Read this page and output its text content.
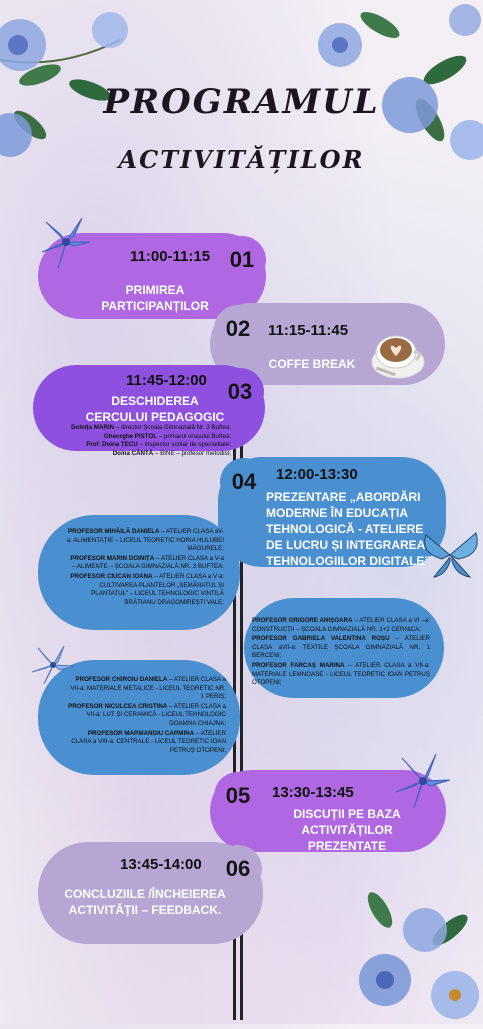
PROGRAMUL
ACTIVITĂȚILOR
01
11:00-11:15
PRIMIREA PARTICIPANȚILOR
02	11:15-11:45
COFFE BREAK
03
11:45-12:00
DESCHIDEREA CERCULUI PEDAGOGIC
Doinița MARIN – director Școala Gimnazială Nr. 3 Buftea;
Gheorghe PISTOL – primarul orașului Buftea;
Prof. Doina ȚECU – inspector școlar de specialitate;
Doina CÂNTĂ – BINE – profesor metodist;
04	12:00-13:30
PREZENTARE „ABORDĂRI MODERNE ÎN EDUCAȚIA TEHNOLOGICĂ - ATELIERE DE LUCRU ȘI INTEGRAREA TEHNOLOGIILOR DIGITALE”
PROFESOR MIHĂILĂ DANIELA – ATELIER CLASA aV-a: ALIMENTAȚIE – LICEUL TEORETIC HORIA HULUBEI MĂGURELE;
PROFESOR MARIN DOINIȚA – ATELIER CLASA a V-a – ALIMENTE – ȘCOALA GIMNAZIALĂ NR. 3 BUFTEA;
PROFESOR CIUCAN IOANA – ATELIER CLASA a V-a: CULTIVAREA PLANTELOR „SEMĂNATUL ȘI PLANTATUL” – LICEUL TEHNOLOGIC VINTILĂ BRĂTIANU DRAGOMIREȘTI VALE;
PROFESOR GRIGORE ANIȘOARA – ATELIER CLASA a VI –a: CONSTRUCȚII – ȘCOALA GIMNAZIALĂ NR. 1+2 CERNICA;
PROFESOR GABRIELA VALENTINA ROȘU – ATELIER CLASA aVII-a: TEXTILE ȘCOALA GIMNAZIALĂ NR. 1 BERCENI;
PROFESOR FARCAȘ MARINA – ATELIER CLASA a VII-a: MATERIALE LEMNOASE - LICEUL TEORETIC IOAN PETRUȘ OTOPENI;
PROFESOR CHIROIU DANIELA – ATELIER CLASA a VII-a: MATERIALE METALICE - LICEUL TEORETIC NR. 1 PERIȘ;
PROFESOR NICULCEA CRISTINA – ATELIER CLASA a VII-a: LUT ȘI CERAMICĂ - LICEUL TEHNOLOGIC DOAMNA CHIAJNA;
PROFESOR MARMANDIU CARMINA – ATELIER CLASA a VIII-a: CENTRALE - LICEUL TEORETIC IOAN PETRUȘ OTOPENI;
05	13:30-13:45
DISCUȚII PE BAZA ACTIVITĂȚILOR PREZENTATE
06
13:45-14:00
CONCLUZIILE /ÎNCHEIEREA ACTIVITĂȚII – FEEDBACK.
